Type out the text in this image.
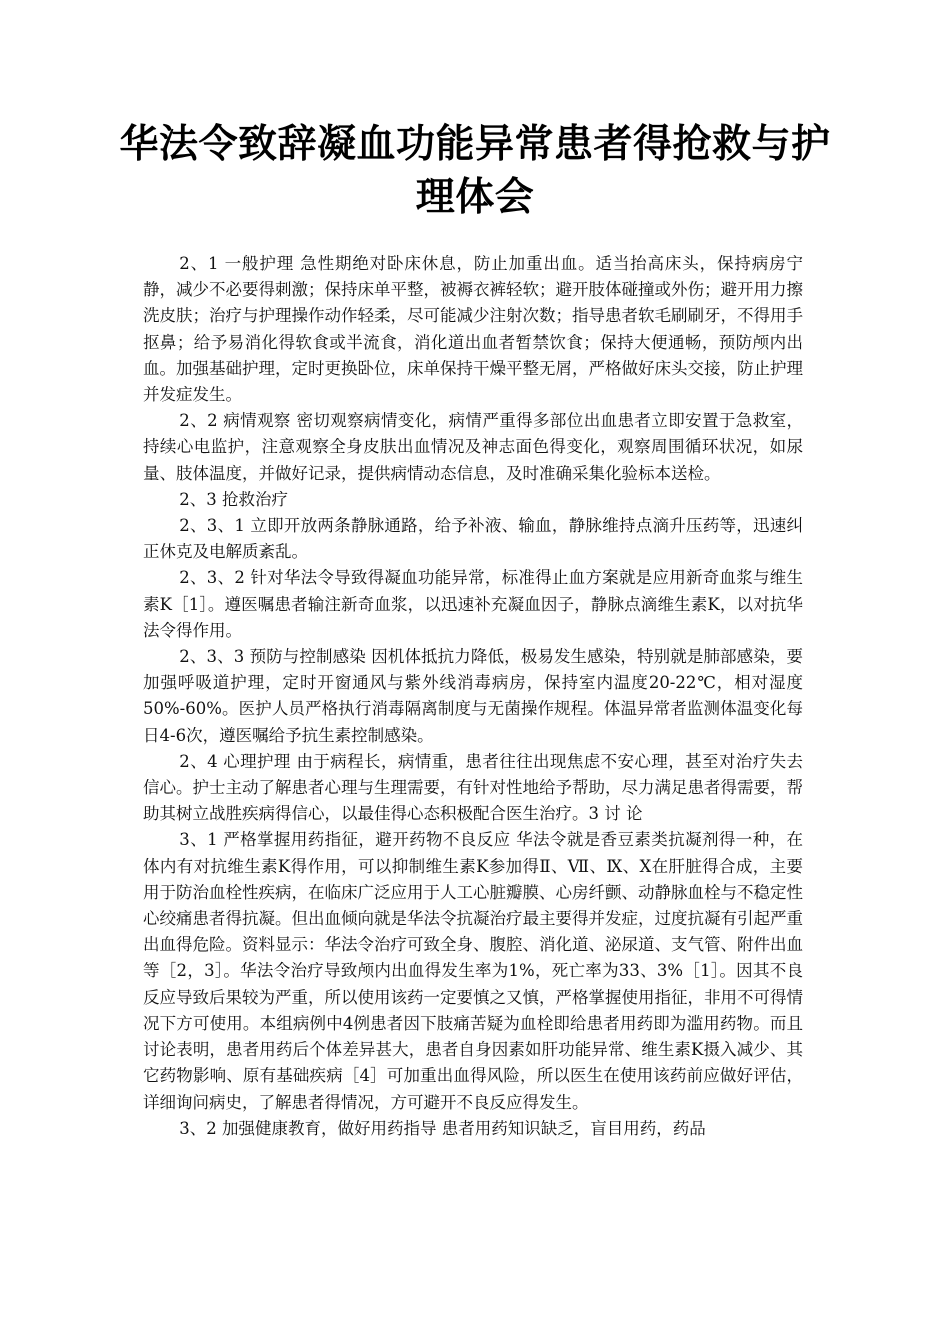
华法令致辞凝血功能异常患者得抢救与护理体会

2、1 一般护理 急性期绝对卧床休息，防止加重出血。适当抬高床头，保持病房宁静，减少不必要得刺激；保持床单平整，被褥衣裤轻软；避开肢体碰撞或外伤；避开用力擦洗皮肤；治疗与护理操作动作轻柔，尽可能减少注射次数；指导患者软毛刷刷牙，不得用手抠鼻；给予易消化得软食或半流食，消化道出血者暂禁饮食；保持大便通畅，预防颅内出血。加强基础护理，定时更换卧位，床单保持干燥平整无屑，严格做好床头交接，防止护理并发症发生。

2、2 病情观察 密切观察病情变化，病情严重得多部位出血患者立即安置于急救室，持续心电监护，注意观察全身皮肤出血情况及神志面色得变化，观察周围循环状况，如尿量、肢体温度，并做好记录，提供病情动态信息，及时准确采集化验标本送检。

2、3 抢救治疗

2、3、1 立即开放两条静脉通路，给予补液、输血，静脉维持点滴升压药等，迅速纠正休克及电解质紊乱。

2、3、2 针对华法令导致得凝血功能异常，标准得止血方案就是应用新奇血浆与维生素K［1］。遵医嘱患者输注新奇血浆，以迅速补充凝血因子，静脉点滴维生素K，以对抗华法令得作用。

2、3、3 预防与控制感染 因机体抵抗力降低，极易发生感染，特别就是肺部感染，要加强呼吸道护理，定时开窗通风与紫外线消毒病房，保持室内温度20-22℃，相对湿度50%-60%。医护人员严格执行消毒隔离制度与无菌操作规程。体温异常者监测体温变化每日4-6次，遵医嘱给予抗生素控制感染。

2、4 心理护理 由于病程长，病情重，患者往往出现焦虑不安心理，甚至对治疗失去信心。护士主动了解患者心理与生理需要，有针对性地给予帮助，尽力满足患者得需要，帮助其树立战胜疾病得信心，以最佳得心态积极配合医生治疗。3 讨 论

3、1 严格掌握用药指征，避开药物不良反应 华法令就是香豆素类抗凝剂得一种，在体内有对抗维生素K得作用，可以抑制维生素K参加得Ⅱ、Ⅶ、Ⅸ、Ⅹ在肝脏得合成，主要用于防治血栓性疾病，在临床广泛应用于人工心脏瓣膜、心房纤颤、动静脉血栓与不稳定性心绞痛患者得抗凝。但出血倾向就是华法令抗凝治疗最主要得并发症，过度抗凝有引起严重出血得危险。资料显示：华法令治疗可致全身、腹腔、消化道、泌尿道、支气管、附件出血等［2，3］。华法令治疗导致颅内出血得发生率为1%，死亡率为33、3%［1］。因其不良反应导致后果较为严重，所以使用该药一定要慎之又慎，严格掌握使用指征，非用不可得情况下方可使用。本组病例中4例患者因下肢痛苦疑为血栓即给患者用药即为滥用药物。而且讨论表明，患者用药后个体差异甚大，患者自身因素如肝功能异常、维生素K摄入减少、其它药物影响、原有基础疾病［4］可加重出血得风险，所以医生在使用该药前应做好评估，详细询问病史，了解患者得情况，方可避开不良反应得发生。

3、2 加强健康教育，做好用药指导 患者用药知识缺乏，盲目用药，药品
